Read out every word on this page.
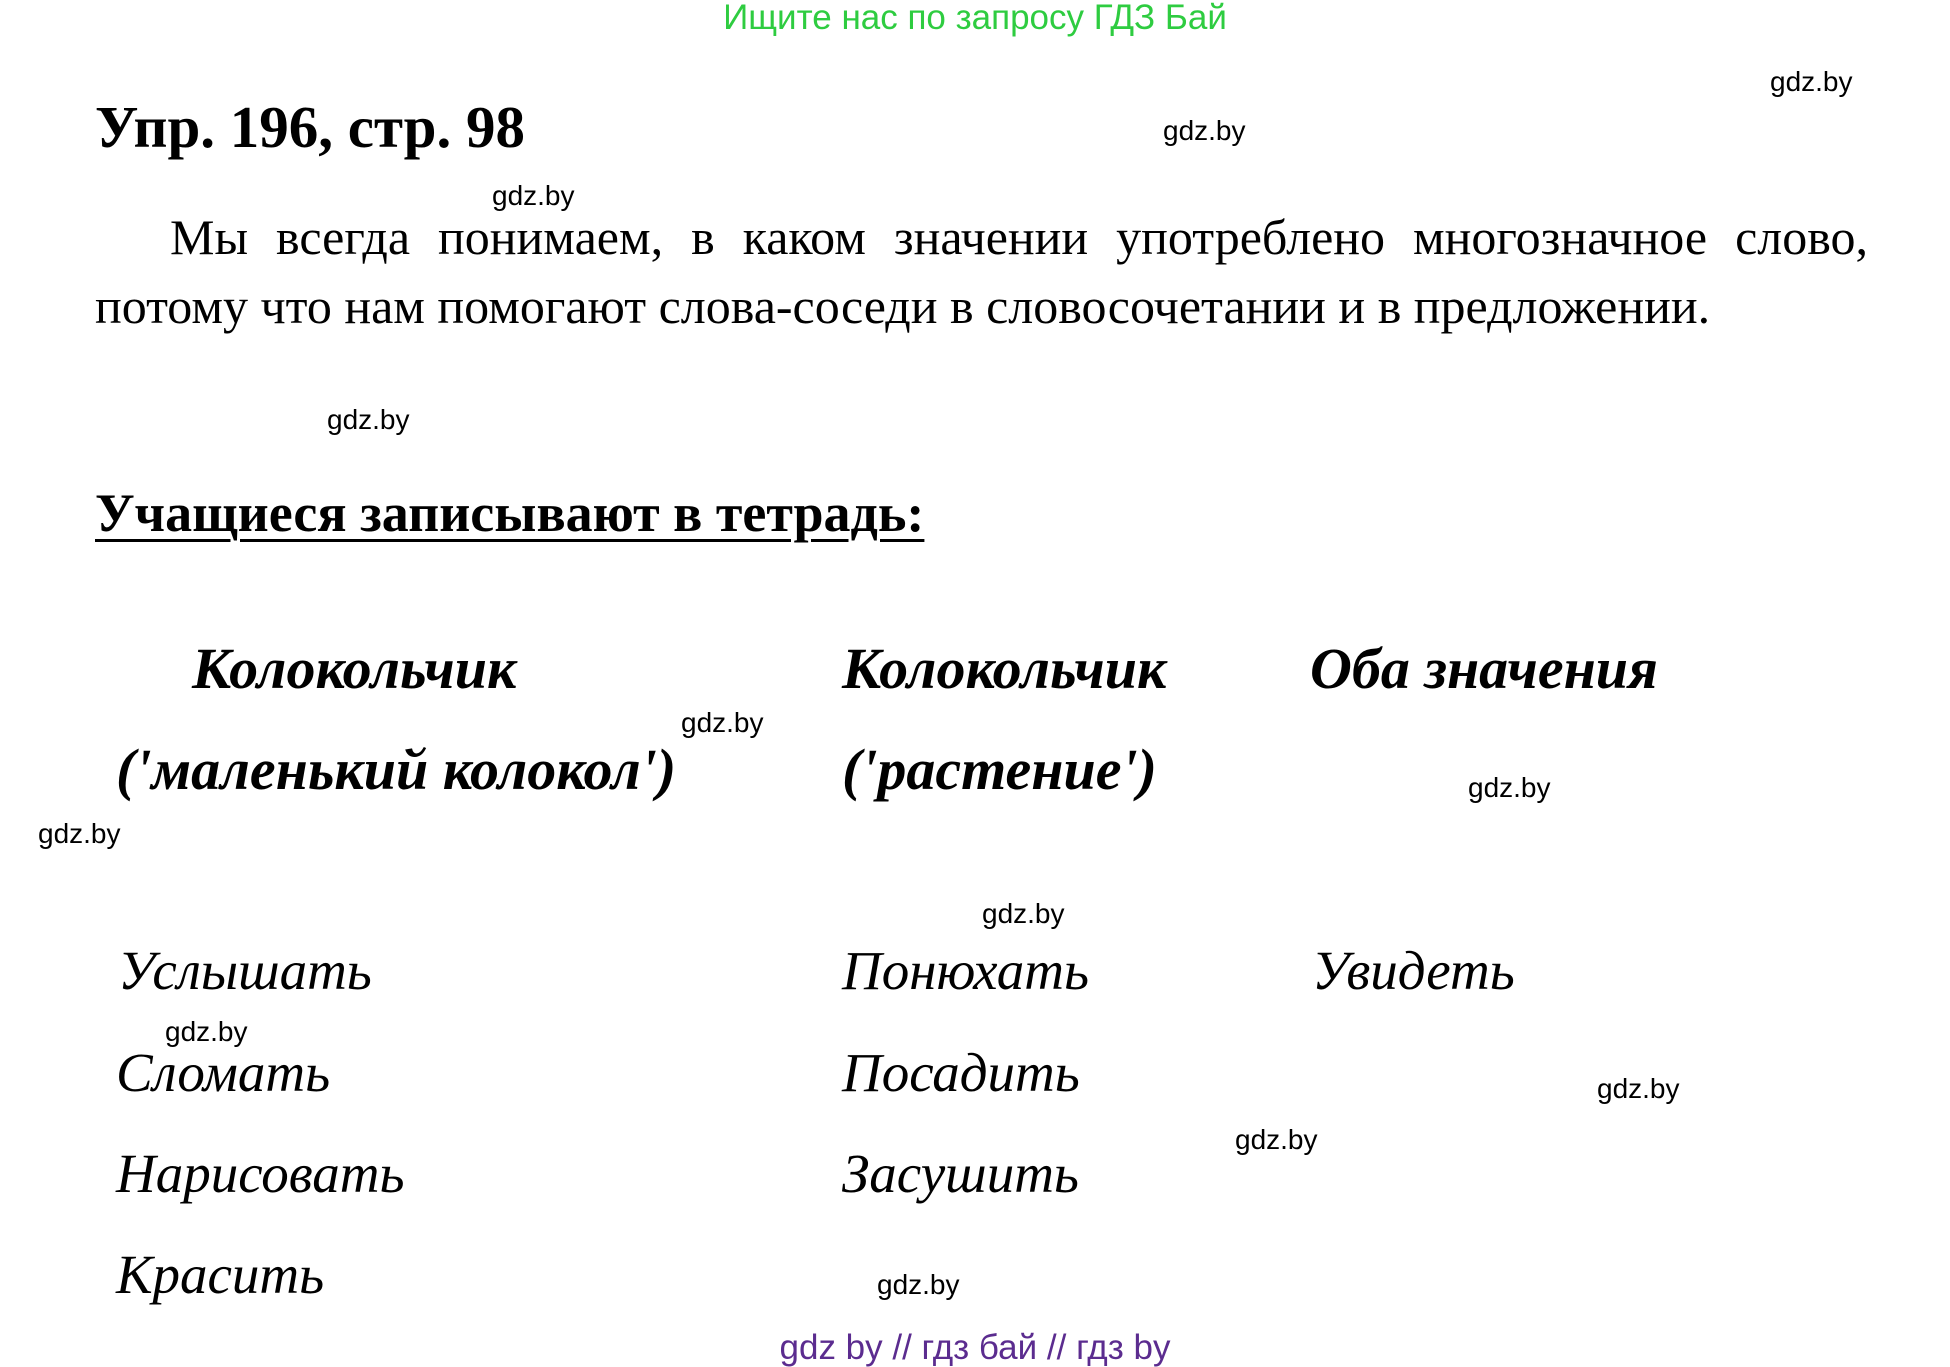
Ищите нас по запросу ГДЗ Бай
Упр. 196, стр. 98
Мы всегда понимаем, в каком значении употреблено многозначное слово, потому что нам помогают слова-соседи в словосочетании и в предложении.
Учащиеся записывают в тетрадь:
Колокольчик
('маленький колокол')
Услышать
Сломать
Нарисовать
Красить
Колокольчик
('растение')
Понюхать
Посадить
Засушить
Оба значения
Увидеть
gdz.by
gdz.by
gdz.by
gdz.by
gdz.by
gdz.by
gdz.by
gdz.by
gdz.by
gdz.by
gdz.by
gdz.by
gdz by // гдз бай // гдз by
